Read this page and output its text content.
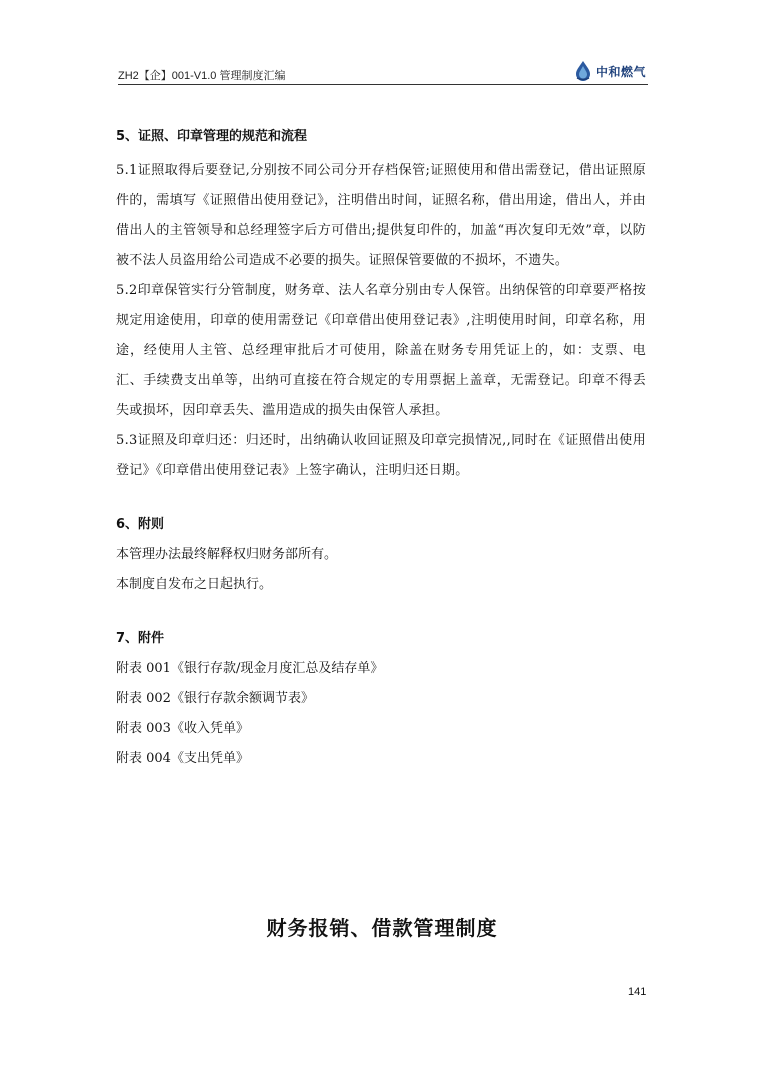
ZH2【企】001-V1.0 管理制度汇编	中和燃气

5、证照、印章管理的规范和流程

5.1证照取得后要登记,分别按不同公司分开存档保管;证照使用和借出需登记，借出证照原件的，需填写《证照借出使用登记》，注明借出时间，证照名称，借出用途，借出人，并由借出人的主管领导和总经理签字后方可借出;提供复印件的，加盖“再次复印无效”章，以防被不法人员盗用给公司造成不必要的损失。证照保管要做的不损坏，不遗失。

5.2印章保管实行分管制度，财务章、法人名章分别由专人保管。出纳保管的印章要严格按规定用途使用，印章的使用需登记《印章借出使用登记表》,注明使用时间，印章名称，用途，经使用人主管、总经理审批后才可使用，除盖在财务专用凭证上的，如：支票、电汇、手续费支出单等，出纳可直接在符合规定的专用票据上盖章，无需登记。印章不得丢失或损坏，因印章丢失、滥用造成的损失由保管人承担。

5.3证照及印章归还：归还时，出纳确认收回证照及印章完损情况,,同时在《证照借出使用登记》《印章借出使用登记表》上签字确认，注明归还日期。

6、附则

本管理办法最终解释权归财务部所有。

本制度自发布之日起执行。

7、附件

附表 001《银行存款/现金月度汇总及结存单》

附表 002《银行存款余额调节表》

附表 003《收入凭单》

附表 004《支出凭单》

财务报销、借款管理制度
141
